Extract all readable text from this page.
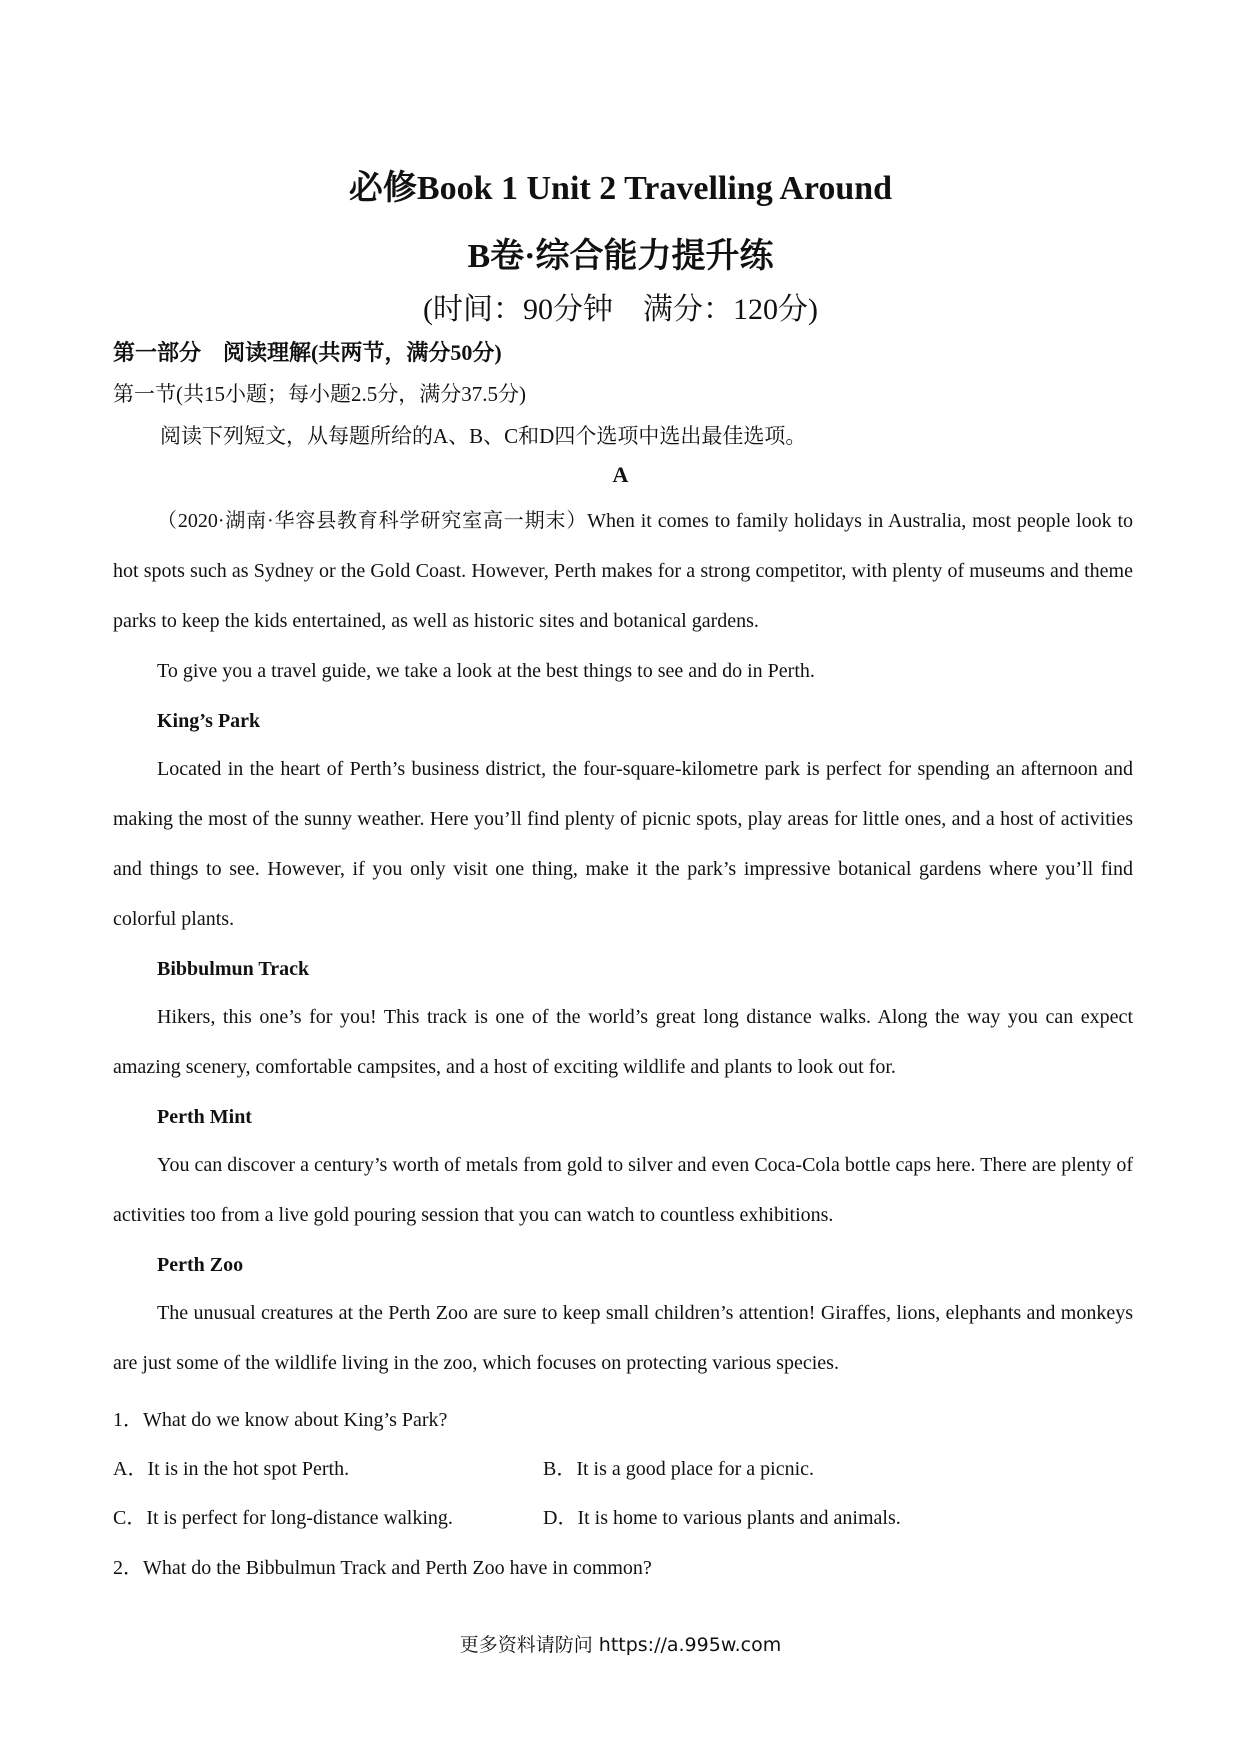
必修Book 1 Unit 2 Travelling Around
B卷·综合能力提升练
(时间：90分钟　满分：120分)
第一部分　阅读理解(共两节，满分50分)
第一节(共15小题；每小题2.5分，满分37.5分)
阅读下列短文，从每题所给的A、B、C和D四个选项中选出最佳选项。
A

（2020·湖南·华容县教育科学研究室高一期末）When it comes to family holidays in Australia, most people look to hot spots such as Sydney or the Gold Coast. However, Perth makes for a strong competitor, with plenty of museums and theme parks to keep the kids entertained, as well as historic sites and botanical gardens.

To give you a travel guide, we take a look at the best things to see and do in Perth.

King’s Park

Located in the heart of Perth’s business district, the four-square-kilometre park is perfect for spending an afternoon and making the most of the sunny weather. Here you’ll find plenty of picnic spots, play areas for little ones, and a host of activities and things to see. However, if you only visit one thing, make it the park’s impressive botanical gardens where you’ll find colorful plants.

Bibbulmun Track

Hikers, this one’s for you! This track is one of the world’s great long distance walks. Along the way you can expect amazing scenery, comfortable campsites, and a host of exciting wildlife and plants to look out for.

Perth Mint

You can discover a century’s worth of metals from gold to silver and even Coca-Cola bottle caps here. There are plenty of activities too from a live gold pouring session that you can watch to countless exhibitions.

Perth Zoo

The unusual creatures at the Perth Zoo are sure to keep small children’s attention! Giraffes, lions, elephants and monkeys are just some of the wildlife living in the zoo, which focuses on protecting various species.

1．What do we know about King’s Park?
A．It is in the hot spot Perth.	B．It is a good place for a picnic.
C．It is perfect for long-distance walking.	D．It is home to various plants and animals.
2．What do the Bibbulmun Track and Perth Zoo have in common?
更多资料请防问 https://a.995w.com
